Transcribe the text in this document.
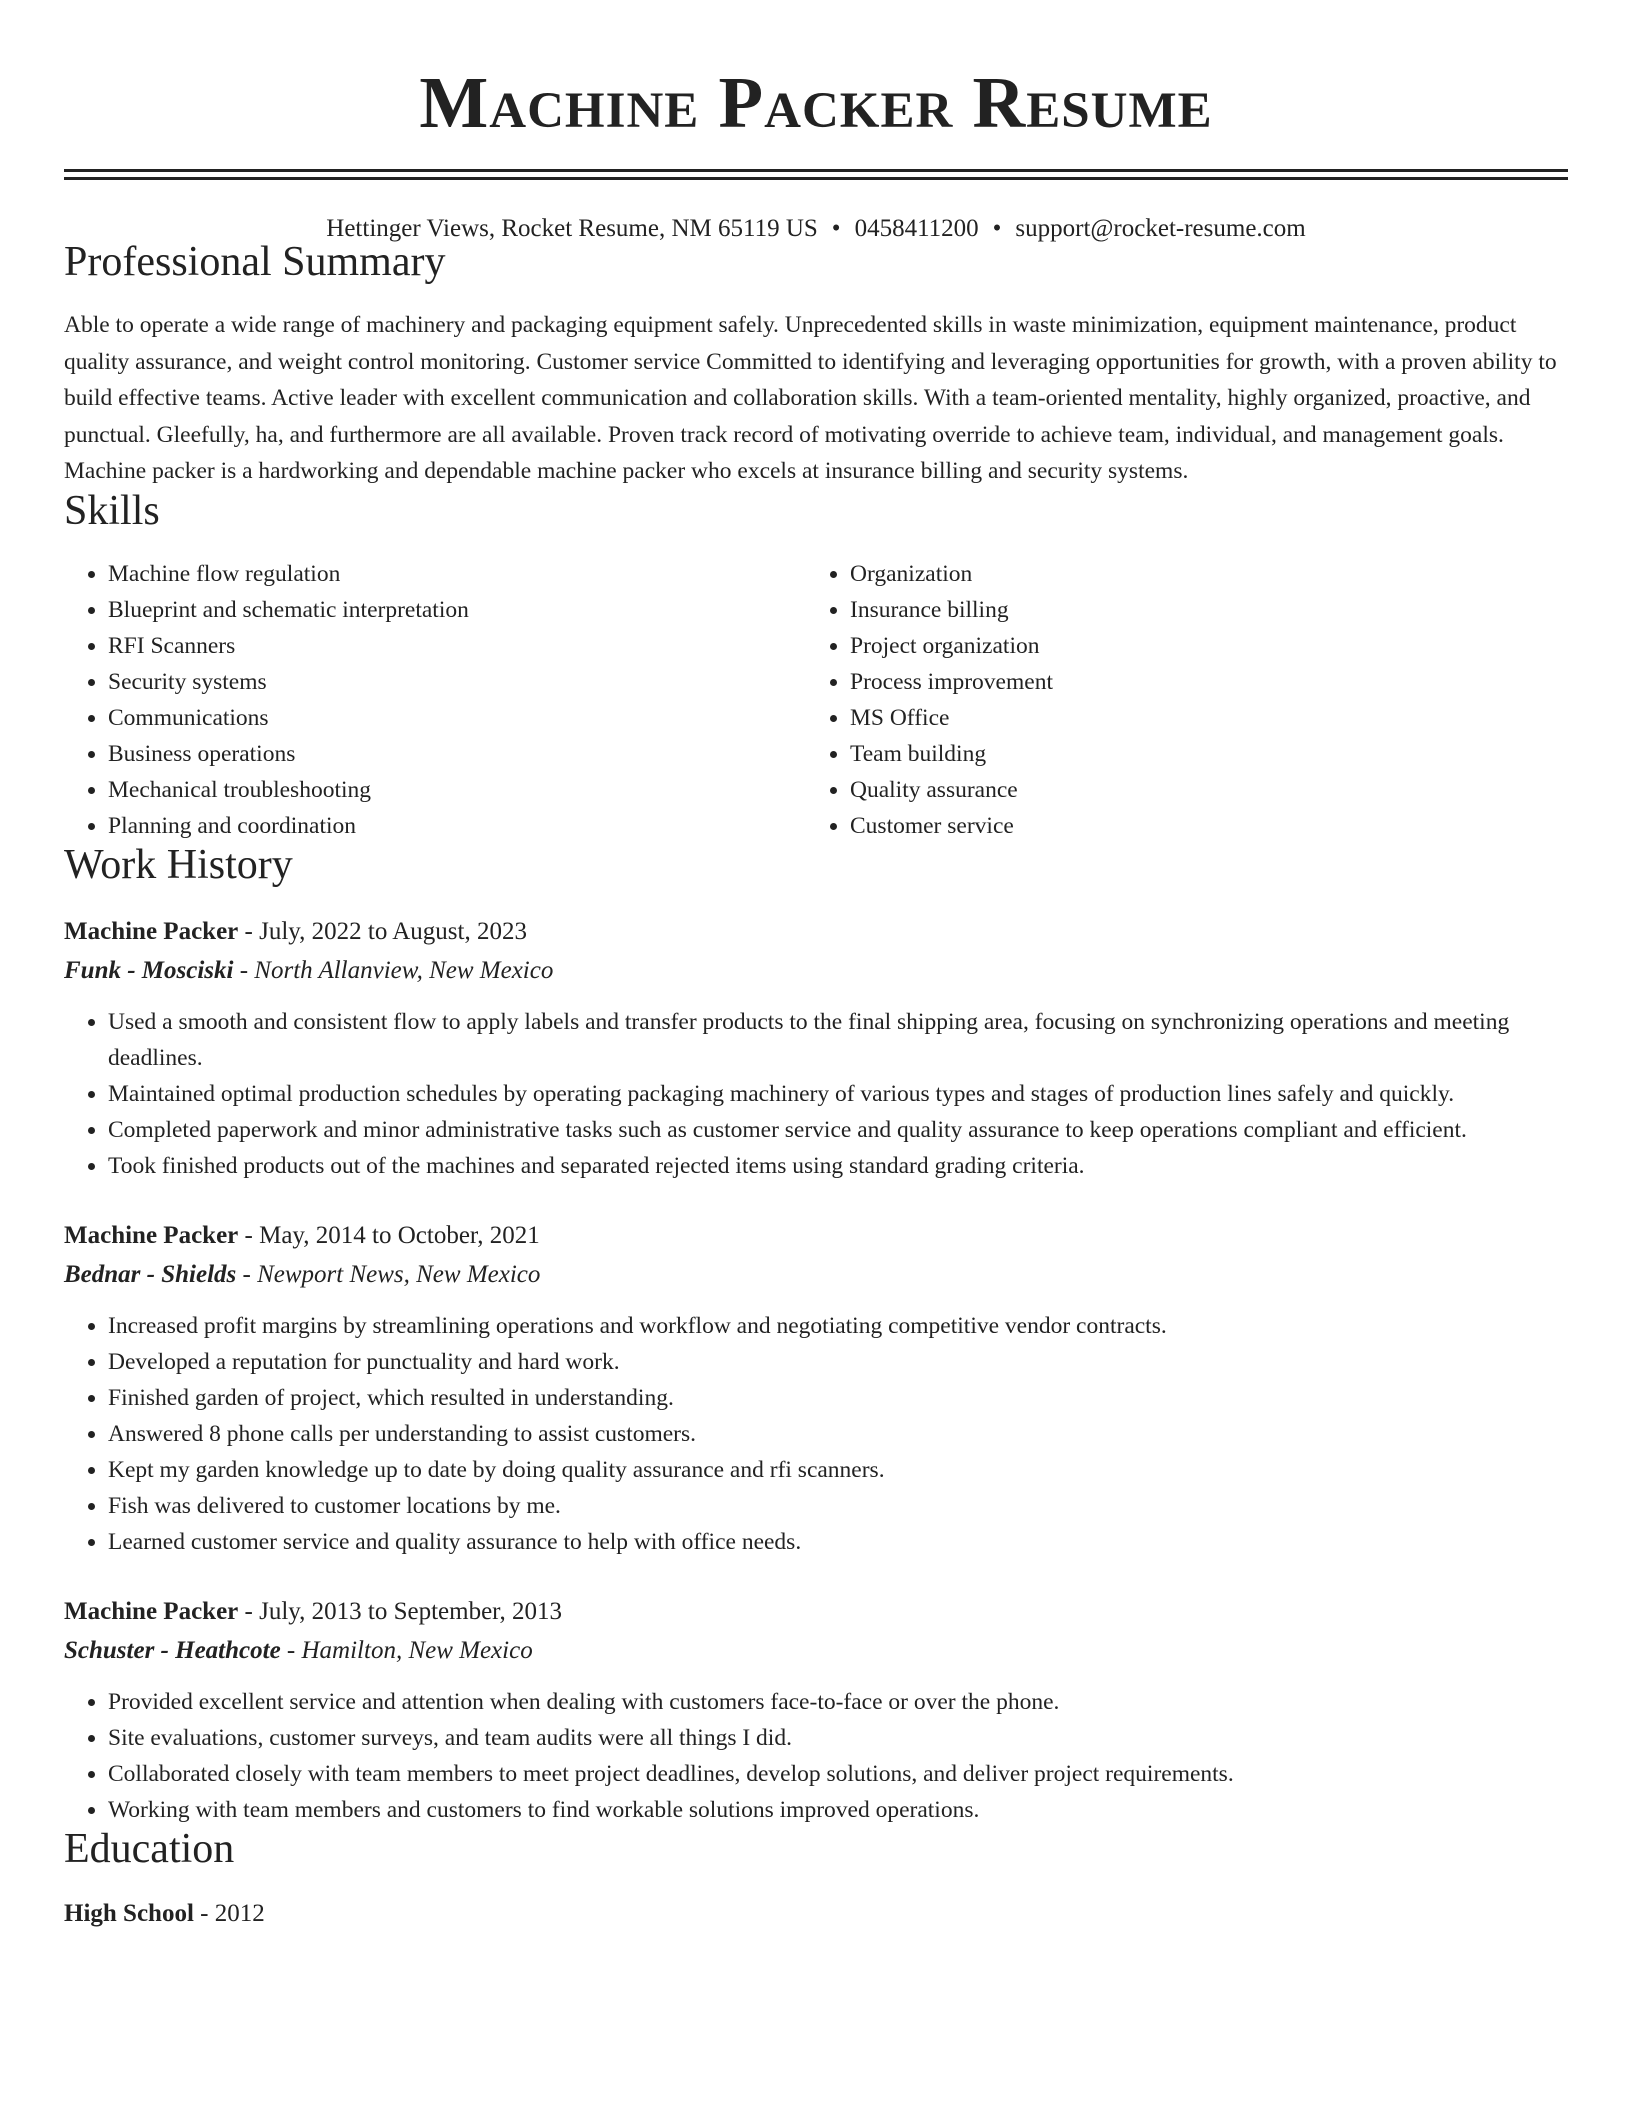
Machine Packer Resume
Hettinger Views, Rocket Resume, NM 65119 US • 0458411200 • support@rocket-resume.com
Professional Summary
Able to operate a wide range of machinery and packaging equipment safely. Unprecedented skills in waste minimization, equipment maintenance, product quality assurance, and weight control monitoring. Customer service Committed to identifying and leveraging opportunities for growth, with a proven ability to build effective teams. Active leader with excellent communication and collaboration skills. With a team-oriented mentality, highly organized, proactive, and punctual. Gleefully, ha, and furthermore are all available. Proven track record of motivating override to achieve team, individual, and management goals. Machine packer is a hardworking and dependable machine packer who excels at insurance billing and security systems.
Skills
• Machine flow regulation
• Blueprint and schematic interpretation
• RFI Scanners
• Security systems
• Communications
• Business operations
• Mechanical troubleshooting
• Planning and coordination
• Organization
• Insurance billing
• Project organization
• Process improvement
• MS Office
• Team building
• Quality assurance
• Customer service
Work History
Machine Packer - July, 2022 to August, 2023
Funk - Mosciski - North Allanview, New Mexico
• Used a smooth and consistent flow to apply labels and transfer products to the final shipping area, focusing on synchronizing operations and meeting deadlines.
• Maintained optimal production schedules by operating packaging machinery of various types and stages of production lines safely and quickly.
• Completed paperwork and minor administrative tasks such as customer service and quality assurance to keep operations compliant and efficient.
• Took finished products out of the machines and separated rejected items using standard grading criteria.
Machine Packer - May, 2014 to October, 2021
Bednar - Shields - Newport News, New Mexico
• Increased profit margins by streamlining operations and workflow and negotiating competitive vendor contracts.
• Developed a reputation for punctuality and hard work.
• Finished garden of project, which resulted in understanding.
• Answered 8 phone calls per understanding to assist customers.
• Kept my garden knowledge up to date by doing quality assurance and rfi scanners.
• Fish was delivered to customer locations by me.
• Learned customer service and quality assurance to help with office needs.
Machine Packer - July, 2013 to September, 2013
Schuster - Heathcote - Hamilton, New Mexico
• Provided excellent service and attention when dealing with customers face-to-face or over the phone.
• Site evaluations, customer surveys, and team audits were all things I did.
• Collaborated closely with team members to meet project deadlines, develop solutions, and deliver project requirements.
• Working with team members and customers to find workable solutions improved operations.
Education
High School - 2012
